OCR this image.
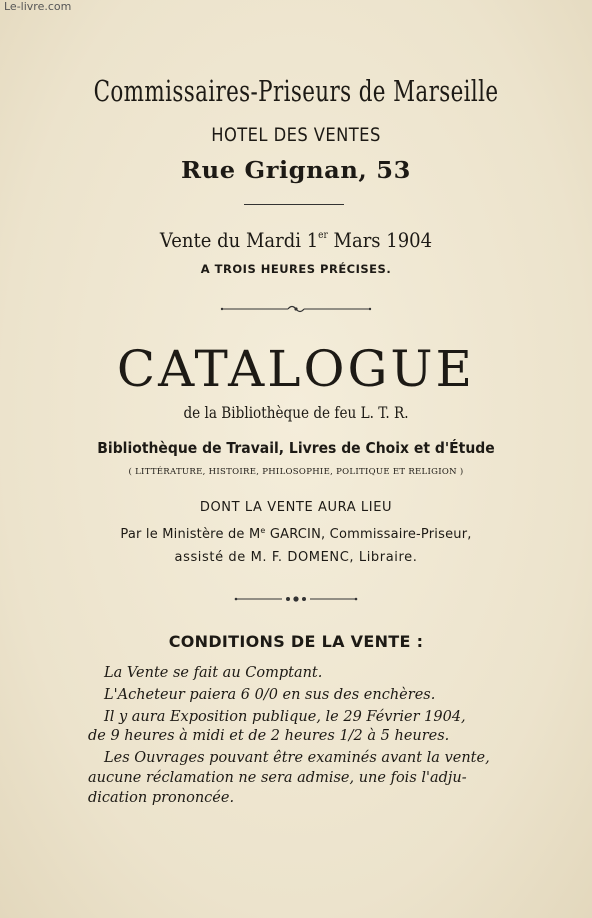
Le-livre.com
Commissaires-Priseurs de Marseille
HOTEL DES VENTES
Rue Grignan, 53
Vente du Mardi 1er Mars 1904
A TROIS HEURES PRÉCISES.
CATALOGUE
de la Bibliothèque de feu L. T. R.
Bibliothèque de Travail, Livres de Choix et d'Étude
( LITTÉRATURE, HISTOIRE, PHILOSOPHIE, POLITIQUE ET RELIGION )
DONT LA VENTE AURA LIEU
Par le Ministère de Me GARCIN, Commissaire-Priseur,
assisté de M. F. DOMENC, Libraire.
CONDITIONS DE LA VENTE :
La Vente se fait au Comptant.
L'Acheteur paiera 6 0/0 en sus des enchères.
Il y aura Exposition publique, le 29 Février 1904,
de 9 heures à midi et de 2 heures 1/2 à 5 heures.
Les Ouvrages pouvant être examinés avant la vente,
aucune réclamation ne sera admise, une fois l'adju-
dication prononcée.
